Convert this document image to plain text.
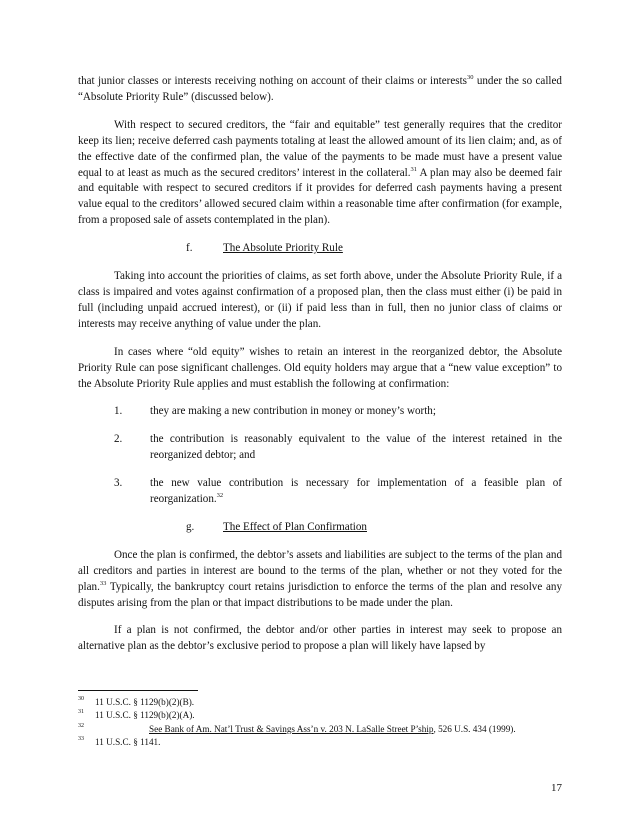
that junior classes or interests receiving nothing on account of their claims or interests$^{30}$ under the so called “Absolute Priority Rule” (discussed below).

With respect to secured creditors, the “fair and equitable” test generally requires that the creditor keep its lien; receive deferred cash payments totaling at least the allowed amount of its lien claim; and, as of the effective date of the confirmed plan, the value of the payments to be made must have a present value equal to at least as much as the secured creditors’ interest in the collateral.$^{31}$ A plan may also be deemed fair and equitable with respect to secured creditors if it provides for deferred cash payments having a present value equal to the creditors’ allowed secured claim within a reasonable time after confirmation (for example, from a proposed sale of assets contemplated in the plan).

f.	The Absolute Priority Rule

Taking into account the priorities of claims, as set forth above, under the Absolute Priority Rule, if a class is impaired and votes against confirmation of a proposed plan, then the class must either (i) be paid in full (including unpaid accrued interest), or (ii) if paid less than in full, then no junior class of claims or interests may receive anything of value under the plan.

In cases where “old equity” wishes to retain an interest in the reorganized debtor, the Absolute Priority Rule can pose significant challenges. Old equity holders may argue that a “new value exception” to the Absolute Priority Rule applies and must establish the following at confirmation:

1.	they are making a new contribution in money or money’s worth;
2.	the contribution is reasonably equivalent to the value of the interest retained in the reorganized debtor; and
3.	the new value contribution is necessary for implementation of a feasible plan of reorganization.$^{32}$
g.	The Effect of Plan Confirmation

Once the plan is confirmed, the debtor’s assets and liabilities are subject to the terms of the plan and all creditors and parties in interest are bound to the terms of the plan, whether or not they voted for the plan.$^{33}$ Typically, the bankruptcy court retains jurisdiction to enforce the terms of the plan and resolve any disputes arising from the plan or that impact distributions to be made under the plan.

If a plan is not confirmed, the debtor and/or other parties in interest may seek to propose an alternative plan as the debtor’s exclusive period to propose a plan will likely have lapsed by

30	11 U.S.C. § 1129(b)(2)(B).
31	11 U.S.C. § 1129(b)(2)(A).
32	See Bank of Am. Nat’l Trust & Savings Ass’n v. 203 N. LaSalle Street P’ship, 526 U.S. 434 (1999).
33	11 U.S.C. § 1141.
17
